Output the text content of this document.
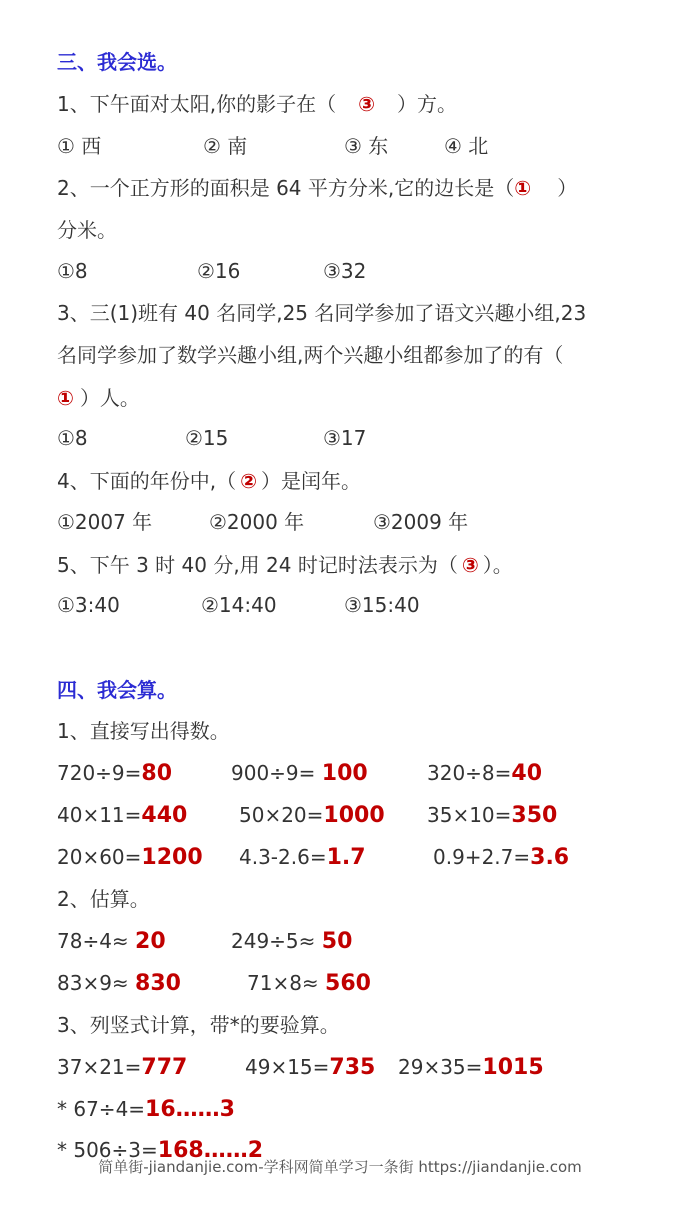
三、我会选。
1、下午面对太阳,你的影子在（ ③ ）方。
① 西	② 南	③ 东	④ 北
2、一个正方形的面积是 64 平方分米,它的边长是（① ）
分米。
①8	②16	③32
3、三(1)班有 40 名同学,25 名同学参加了语文兴趣小组,23
名同学参加了数学兴趣小组,两个兴趣小组都参加了的有（
① ）人。
①8	②15	③17
4、下面的年份中,（ ② ）是闰年。
①2007 年	②2000 年	③2009 年
5、下午 3 时 40 分,用 24 时记时法表示为（ ③ ）。
①3:40	②14:40	③15:40
四、我会算。
1、直接写出得数。
720÷9=80	900÷9= 100	320÷8=40
40×11=440	50×20=1000 35×10=350
20×60=1200 4.3-2.6=1.7	0.9+2.7=3.6
2、估算。
78÷4≈ 20	249÷5≈ 50
83×9≈ 830	71×8≈ 560
3、列竖式计算，带*的要验算。
37×21=777	49×15=735 29×35=1015
* 67÷4=16……3
* 506÷3=168……2
简单街-jiandanjie.com-学科网简单学习一条街 https://jiandanjie.com
